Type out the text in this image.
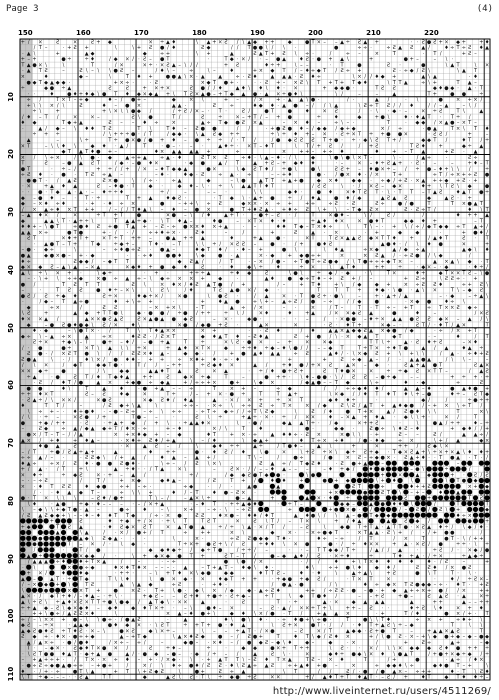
Page 3	(4)
+ / ×	Ƨ	×	Ƨ + ◆	× ÷ ▲ ♦	\ ▲ + × Ƨ / \ ▲ ◆ + +	◆	● T × – – ▲ ÷ Ƨ ▲ +	· · Ƨ ● Ƨ + × ◆ +	+ ♦
/ T –	· + Ƨ +	\	\ + Ƨ ● / ♦	Ƨ ◆	/ / T ● ● \ / \ ·	●	÷ ÷ ·	÷ Ƨ ▲ Ƨ ▲ /	♦ ÷ T ÷ Ƨ ♦ ▲
· ▲ \	+	▲ ◆	◆	÷ +	\ +	▲	Ƨ ▲ T + Ƨ \ ÷ ·	/	÷ –	×	T	· T /	+ Ƨ –
+ – +	● ÷	÷ ♦	/ ◆ × / · Ƨ – ● T	·	T ◆ · × / · – ● ▲	♦ Ƨ · ● + ▲ \	+	● + –	– \ ·
T ▲ ● × \	\	T	/ ×	× ÷ · × Ƨ ▲ – \ / /	+ Ƨ	♦ ÷ +	\ – –	· T	●	Ƨ ·	●	\ ▲ T	\ ×
· ▲ T Ƨ	–	Ƨ \ – \ \ ● Ƨ –	/ ♦ \ –	÷	\ –	♦	+ × ◆ T / – ♦ ÷ ◆ T / Ƨ ÷ +	Ƨ · ÷ ◆ / Ƨ \	\ ▲ T
×	♦	◆ –	\	T ♦ +	● ● ▲ \ × · ▲	▲	÷ · Ƨ ♦	▲ ▲ ▲ · Ƨ ♦ ÷	\ × / / ♦ ◆ +	▲ \ ▲	· ♦
● ◆ T ◆ ▲ ◆ ◆ ·	+ × ÷ ·	· Ƨ	× ◆ T ● + ·	· · Ƨ + – × Ƨ \ T + T + T ◆ ♦	\ T T ▲	÷ \ +	T ▲ –
÷	◆ ● ÷ ▲	Ƨ	Ƨ	+ × + ×	Ƨ ● / / ♦	▲ ♦ \ ♦ \ ♦ · ×	+ ◆ ◆ ● ·	T Ƨ Ƨ	◆ ♦ ● ◆ · ▲ · T
· ·	♦	● ♦ + ♦ ◆ \ ● T ♦ ◆ × ◆ ▲ + \ T Ƨ × ▲ ● – + T ◆ ▲ ● · ▲ × ÷ ● ♦ \	\ /	–	–	▲	T +	● ●	÷
÷ /	T × T – + ◆	♦ – / ● + –	◆	× \	+ –	/ ×	+ · ▲ ▲ \ ● ·	/ ·	▲ /	· \	●	× + × /
+ \ \ × / \	Ƨ	♦ – ● ×	▲ ▲ ·	Ƨ	÷	♦ ◆ ♦ · ▲ ● – / / \ ▲	\ Ƨ ÷ T Ƨ / / ♦	/ / – ▲	– \ /
÷ \	+	+ \ × \ \ ● ◆ /	/ ÷ Ƨ / × – · T ·	Ƨ /	● T	●	♦	× Ƨ	/ · \ · ◆ · –	× ÷ Ƨ	T \	▲
/ ♦ – T /	×	× –	Ƨ \ ●	T /	Ƨ	÷	× – + T / – + ●	÷	♦	◆	+ ● \	♦ · ♦ ▲ T · T ÷ /
♦ ◆	T ◆ + ▲	Ƨ – – ♦ ÷	×	▲ ÷ T ◆ ● Ƨ × ▲	– × ♦ –	÷ \ – ·	T	· ◆ ◆ / × ▲ ● – × T –
·	▲ / ◆ – \ ♦ ♦ T Ƨ	T \	T ♦ – Ƨ ● ●	/ /	· + ● Ƨ ● ♦ – / ◆ ◆ / ◆ + ◆	× / ÷	· ● ▲	T × \ T ♦
÷ + ÷	/ \ + ÷ ÷ ● · / T	/ ◆ ◆ · \ ▲ Ƨ ◆ + ÷	÷ \ ÷ ♦ + – × · Ƨ ÷ × T ÷ + ● ● ×	· Ƨ Ƨ /	+	–
▲	–	\ ÷	T ÷ ● × ● / ● + ♦ – ● ÷ ÷ / · T /	/ ● ◆ Ƨ Ƨ Ƨ T + ● · ÷ · ◆ \ Ƨ T + /	◆ ◆ T /	♦ T / ÷
× T	– \ \ ♦ \	◆ ♦ · ▲ /	T	· ● – · – ·	▲ ♦ ÷ · × T – ♦ T	\ T / + Ƨ /	/ + Ƨ	T Ƨ ♦	+	◆ ÷ ▲
◆ T ▲ T ♦ ● + –	♦ × ▲ ▲ ▲ ▲ +	÷	×	+ + – + ÷ ♦	♦	+ – T ▲	+ Ƨ · ▲
× / \ ÷ ×	/ \ ● · ◆	▲ ÷ + ▲	÷ ▲ · ♦	Ƨ T × Ƨ	÷ ♦ · \ ▲ – ♦ · / \	◆	\ ● \ ● \ × T ·	\ ·	/ ▲ ÷	·	Ƨ ÷
T	Ƨ	– ● ▲ Ƨ T	/ ◆ · – ● ♦ ×	· ◆ ●	▲ / T	▲ + Ƨ – + ◆ ♦ ♦	· –	× – ♦ ÷ Ƨ ▲ + · Ƨ · –	–	+ ♦ – T
● T	· ÷ – /	+ ÷ / / + / × – ♦ T ◆ ◆ ▲	● ×	\ ◆ Ƨ T ♦ / ÷ ● \	● \	Ƨ Ƨ + – ♦ ● × ÷ – / ÷ ● – ♦ + \ \ /	÷
÷ Ƨ ♦ · ● · T Ƨ ÷ ▲ –	– ♦ ·	♦ ◆ · Ƨ	÷ ▲ · ÷	– – + ♦	● · / ● × ♦ · / ×	T +	÷ T / ÷ × + ÷ Ƨ ●
● ● T · / ▲ Ƨ	Ƨ × ●	\ / ÷ ·	÷ ▲	◆	– \ ●	▲ T T + ▲ + ●	◆ × ♦	◆ ◆ · ÷ ◆ / + Ƨ · × ▲ + + ◆ + Ƨ · +
· ×	+ ▲ ♦ ▲	Ƨ – ♦ ● · T	◆ ·	◆ ♦ – \ · ÷ \ ▲ ▲ T T ♦ T	/ Ƨ Ƨ	\ · / × Ƨ – ◆ ×	♦ + \ T Ƨ \ ◆	●
· · ● · T ◆ ▲ · ▲ · – ♦ ÷ ÷ ♦	÷ /	–	– – ·	\ \	◆ ♦ ·	● ♦	× ♦ T Ƨ T · \ · T T – T ▲ Ƨ	♦ ▲ T ● ÷
◆ – ● ♦ – · T · ÷	T + ▲	♦ ◆ Ƨ ·	· T ◆ \ · ▲ + ●	÷ / ♦ ▲	● ♦ / ◆	▲ Ƨ ▲ Ƨ	◆	▲ Ƨ · +
◆ – × ♦ ÷ ♦	· + · ♦ ÷ ×	●	– + + \ ÷ Ƨ	◆ × × · × ÷ +	+ ÷	÷ Ƨ · Ƨ	Ƨ ÷	● / ●	T	T × ● ▲ T
/ × ▲ ÷ ♦ × T + +	/ – / / T ♦ ▲ \ – ♦ – ● ×	● T + ♦ Ƨ ▲ · + ♦ ÷ Ƨ \ + \ – T ◆ Ƨ ×	Ƨ · Ƨ ÷ T /	♦ \ T
– ▲ ♦ × /	×	÷ T + T	●	× ● – \ / ♦	▲ + T · · ● + – Ƨ · /	T	× ● ♦ –	\ /	Ƨ /	/	♦ + + ▲
◆	▲ ▲ \ T · ▲ + ÷ \	T ▲ ▲ ÷ ◆ · \ T ♦ ▲ –	♦ ●	– × T × ♦ · ♦	÷ ▲ ♦ ♦ ×	× ● ♦ T	◆ ◆ ♦ +	– T
♦ ♦ + – \ ● T	÷ ● ♦ Ƨ + ● T ▲ + – Ƨ – ÷ ● × × ♦ × + ▲	· –	♦ ♦ T ◆ – T × ♦ ÷	\	T \ – · + \ / ÷ / ◆ T ◆ ◆ ÷ T ▲ + /
▲ ▲ × ÷	● T ●	+ · / · /	÷ + ♦ + × ·	Ƨ ♦	–	/	+	Ƨ	▲ · ×	· +	◆	◆	·	+ ● ♦ /
Ƨ T	× ♦ + T +	× T ÷ T + + –	● ▲ + ÷ ▲	♦	+ ▲	● ·	× T	T Ƨ × ▲ ▲ Ƨ ◆ × T T ♦	+	/ ▲ ♦ T	Ƨ · T
· ▲ ● T – T +	T ◆	÷ ◆ + –	T ♦ · – T	\ \ ÷ / × Ƨ Ƨ –	● · / +	● ♦ Ƨ	▲ ● ♦ · / \ ♦ ●	×	+
– ● · ◆ ÷	\	– ÷ ♦ ● ÷ Ƨ · ● ▲ –	♦ ◆ T ♦ / · ♦ – +	● \	\ ♦ ▲	÷ × ◆	▲ / ◆ ÷ ▲	▲ ◆ \ ♦
● ▲	◆ ● × ● – + · ◆	· · ÷ ♦	● ● ♦	\ ◆	● · ▲	× · ◆	+ ◆ ● ÷ +	×	× Ƨ ▲ / · ÷ Ƨ ● / \ ◆	/
♦ ÷	Ƨ ◆ ◆ / – ◆ T T	◆ Ƨ ▲ /	/ T	· – × / ● – ÷ T ● T ÷ Ƨ ● ◆ / \ T ● + ÷ + ◆ T × –	▲ × ▲ \ ◆ · T
◆ × ◆ Ƨ – ▲ \ ▲ – × ▲	× ◆ ♦ + ● ◆ ♦	Ƨ	· ♦	◆ \ ÷	♦	÷ ×	\ ▲ T ♦	+ +	÷	· ◆ × – · ◆	· ♦ ÷ /
▲ \ ÷ \ × + ·	\ ◆ ÷	· + ·	+ ÷ ÷ ▲	÷ ♦ ◆	Ƨ	\ ● \	÷ ◆ / · ◆	· \	T ×	♦ +	◆ T × × T Ƨ – \ ●
– · \ + \ ÷ + ◆	× ● ÷ ▲ ÷ – \ ◆ ÷ × × +	◆	·	▲ ♦	● ◆ ÷ T ♦ – + Ƨ + / –	+ Ƨ ÷	\ Ƨ Ƨ ÷ · +
● /	T Ƨ T T	Ƨ \	× ♦ × / ♦ Ƨ ▲ T ● / +	/ –	+ T ♦	+ \ / ◆	◆ +	× ÷ Ƨ Ƨ ♦	÷ + Ƨ \
–	·	T Ƨ Ƨ	● ♦ ÷ – × \	\ Ƨ \	/ ♦	T Ƨ ▲ ● × / ◆ ·	T	T T +	♦ ◆ · \ ● · ▲ \ ×	T \ – ◆ Ƨ
● Ƨ / Ƨ ÷ ◆ ♦	Ƨ ÷ ×	♦ ◆ + × /	× ●	\ ● Ƨ ·	/ ▲	× · T ● Ƨ ÷ · ● \	–	+ · ▲ + / ▲	– · ◆	– ÷ ▲ \
·	/ ◆ – T ▲ ÷ ●	♦ + \ ÷ +	·	+	♦ ▲ ●	÷ \ + – ▲ ÷ Ƨ / ● – ÷	/ / ◆	●	· × ◆ ●	♦ ÷ \
◆	÷ ×	/	Ƨ Ƨ	– × + × \	– T	▲ ÷ / ×	– ·	×	/ T –	T · T ÷ – + T	÷ T × × Ƨ ◆ ÷
\ Ƨ	+	▲ ◆ + T T ● \	◆ · ● ● / ÷ ● / + ÷	÷ \ /	× ♦	♦	+ ▲	/ × × ◆ Ƨ ▲	●	♦	–	/ × Ƨ
♦ × × ▲ /	▲ × × ● Ƨ ▲ Ƨ	Ƨ × ▲ ● ▲ ● ◆ Ƨ	– × ·	◆ ● ·	· · –	/ · × ● ● – ♦ ÷ × ▲ ▲ ● Ƨ Ƨ ◆ × – ▲ / \
◆	– ● Ƨ ● ♦ ● ◆ \ Ƨ / ×	♦ \	× ● / ◆ ● + Ƨ ·	▲ ×	×	· Ƨ · ♦ T +	× ◆ – ·	Ƨ T / · ♦ T / ▲ ×	T
♦ · ◆	– \ ● T × · /	T \ T ♦ ▲ × ×	× +	· · Ƨ ♦	/ ♦	▲ ▲ × ▲ ◆ ◆ Ƨ ▲ × ◆ ● / ◆	· ÷ / × + T
◆ ÷ \ – ▲ ÷ ×	▲	÷ ×	♦ Ƨ Ƨ · / Ƨ × T	◆ ♦ ▲ T ♦ – Ƨ ♦ ▲	Ƨ + ● / \ · × ◆ ▲ T	◆ T	· –	♦	/ T
Ƨ ÷ ×	+ ◆ \ – T	● + – ♦ / – ● + ▲	T	÷	× \ Ƨ · ● ×	– +	×	× ◆	T T \ ÷	▲ · Ƨ ♦ + Ƨ	– × ♦
/ · ●	● ÷	× T \ ▲ \ \ ÷ ×	+ ▲ ♦ × T ×	◆	÷ ÷ ♦ ÷ ◆ – ♦ \ ● / / – – ◆ T	T ÷ T × ÷ ♦ T ●	▲ / ▲	♦ ▲ ÷
Ƨ ● · / × Ƨ T ● \ / / Ƨ Ƨ × ♦ ▲ –	◆ ◆ · /	+ ● ▲ ♦ ▲ ▲	÷ Ƨ	▲ ♦ / · \ × ◆ Ƨ + \ + \ \	/ ▲ · ÷ ♦ + Ƨ
Ƨ ● ▲	\ · /	♦ \ × / ● ♦ ♦ · + +	÷ × ♦ + ♦ · ÷ · ♦	+	+	Ƨ ÷ ◆ ▲ – / · ▲ ▲ ● ▲	/ \ \ –	–
/ \ ×	/ ◆ T	◆ ◆ T ● ·	T / / – ÷ +	÷ Ƨ ◆ ♦ ×	▲ /	+ ♦ ● / + × Ƨ	▲ × – ◆ ·	Ƨ ▲ + ▲ ● T	Ƨ ▲ ×
× × ◆ ÷	●	/ \	◆ ◆	▲ ▲ ♦ T ▲	Ƨ	× ▲	· ÷ / ♦ ● + Ƨ +	Ƨ T ♦ ● ×	×	÷ ÷ ◆ Ƨ × T T –	/ ▲ Ƨ
÷ ▲	· ●	Ƨ T / ♦ T ◆ ♦ ▲	+ +	Ƨ	◆ × ÷ ◆	T	–	● + + · \ ♦ – ● ● · \ / Ƨ Ƨ – ● ÷ ◆	– –	+ ÷ + · ÷
· Ƨ / ♦ T / ●	▲ ×	+ ◆ ● ÷ ◆ ▲	+ / ÷ ÷ + ×	● +	\ ◆ ×	/ ◆ ▲ ● – – T ◆	\ ÷	♦ · ◆	÷	Ƨ
● ●	♦ \	T	▲	♦	· ● + ▲ – – ÷	T	× + –	÷ ◆	/ / ÷ ÷ ◆ ♦ ♦ /	▲ ▲ – ♦ · ● ▲ ♦ ● +
÷ + ♦ × T	Ƨ – Ƨ	♦ ◆	×	T ÷	/ – + × · ● ÷	T	T ▲ +	\ × ◆ / / ♦ T ♦ T ♦ \ + – ●	♦ ÷ – Ƨ T ◆
· Ƨ ▲ ÷ / \ × × /	× ● Ƨ	× ◆ Ƨ ♦ / ♦ ▲	▲ · × / × +	÷ × T	◆ ♦ ♦ ÷	·	◆ /	/	÷ ● ÷ +
♦	T T /	–	/ Ƨ ◆ + \ ▲	\	÷ ÷ – · × ÷ \ ÷ ÷ Ƨ ÷ T ×	× / ◆	Ƨ \ Ƨ / ▲ T + ▲ ♦ ◆ ● / – + × \ ÷ T /
\ ÷ + – · ♦ + ● ♦ · – ● – Ƨ ÷ – ÷ \ ÷ ÷	· ÷ T ÷ ◆ ÷ / / ÷ T \ Ƨ ◆	\	Ƨ / ♦	● T + ×	▲ / Ƨ ● ♦ \ \	T	× \
/ \ · ÷ –	× Ƨ ● / +	T ● – –	·	Ƨ \ ÷	+ ▲ ÷ · × · ÷ / × ×	♦ – × ▲ + ♦ ▲ · ◆ \ \ + ·	× /	T
●	+ ◆ / + +	· Ƨ	· + ▲ + ◆ / + \ · ÷ ▲ ▲ ♦ ×	\ · ● /	◆ ▲ ▲ T ÷ · / ◆	× + + Ƨ	·	\	● ▲ / ÷ +	♦ – ÷
–	Ƨ ◆	÷ ▲ / ◆ ▲ ◆ + T / ♦ × · ÷	+ – ♦	× / \	T	♦	● ·	◆ ◆ ·	Ƨ ● ÷ \ ♦ Ƨ – ♦	+ ◆ ♦ / / +
● × / T – T – / / ▲	× + × ♦ ◆ + – ◆	♦ T	+ × · ÷	▲ ♦ ♦ ÷ · Ƨ ×	× ● \ \ · +	Ƨ – –	Ƨ /	▲ ▲ ÷ /
▲ × / + ♦	+ ♦ ▲ –	· × ♦ + Ƨ ♦ / + ▲	\ – / ♦	\ ◆ ▲ +	♦ T ÷ × + ♦	/ ● · ♦ ◆	÷ ×	\ + / ▲	◆ ×
♦ ● ▲	Ƨ	· ×	▲ Ƨ – /	\	◆ ♦ ÷ ÷	▲ ÷	/ T ● ♦ –	▲ \	+	×	+ + / Ƨ ◆ \ ×
– / T	÷ ● / Ƨ ▲ ÷ ▲ +	▲	♦	+ ÷	● · ♦ Ƨ / ♦	\ ●	×	\ + Ƨ ÷ × \ ◆ ÷ Ƨ + ◆ · T ◆ × Ƨ ▲ + \ ÷ × + × ▲ \ ♦ ♦ +
÷ ÷ ▲ / – ·	· Ƨ Ƨ ◆ \ / + ▲ /	♦ ▲ – ▲ + /	T \ –	/	● ÷	/ ●	× Ƨ – ÷ ◆ ● × · Ƨ ▲ + ♦ · · T ● ▲ · T · /
♦ ▲ ÷	÷ × / Ƨ ♦ · ● ● Ƨ ● ♦ ·	\ ÷ – / Ƨ \ × \ ·	Ƨ ▲ ÷ / T ◆ Ƨ ♦	· Ƨ ● + ▲	–	–
+ / ▲ · / T	÷ \	▲ ÷ ♦ · · / T ▲	× \	–	Ƨ × · / / – – ♦ ▲ – – –	– ♦ + ◆ /	♦ ●	– ● \	÷	/
× ♦ ÷	÷ ◆ Ƨ	× · + – ▲ /	÷ /	/ ◆ ◆ Ƨ ● T ◆ ● ·	\ ●	+	×	▲ ◆	+ · Ƨ / Ƨ
– · – ÷ Ƨ	/	T /	+ × ◆	◆ ♦ ▲ –	/ Ƨ	T + /	♦ ♦	+	● + ◆	\ + ♦	\	\ T ● ◆
× · ♦ T Ƨ Ƨ	♦ ◆ ●	÷ + – ÷ ·	÷ ◆	· / ·	▲ ●	▲	Ƨ T	÷	♦ + + Ƨ	× + ◆
/ · · ♦ ▲ ◆ T –	÷ \ \ +	♦ / – T	♦ ● – Ƨ × ·	+ ×	●	Ƨ T \ – + –	♦	▲
● · T × \ \ \	– Ƨ ♦ / ● +	T \ – /	– ▲ × \ ÷	● – ▲	+	▲ × · ♦	÷	Ƨ	+	T Ƨ
\ ♦	· ▲ ●	÷ ◆ · ♦ – – – · – / × + ▲	· – ♦ T · + ÷ ▲ ◆ ♦	· ÷ T –	◆ ◆ –	▲ ● ♦ ♦ \	/	T	T
\ – ◆ \ \ + ◆ T ● · ▲ –	● ÷	♦	– \	× +	– ÷ · \ – ÷ Ƨ	÷	+ ● × ● · /	/ – Ƨ / Ƨ \ +	◆
/ Ƨ ▲ Ƨ ◆ ◆ + \ – – ♦ – ♦ ♦ T T ◆	/ ÷ · × ●	Ƨ Ƨ	♦ × ● – ♦ ♦ / ♦ T	▲ ♦ ● \ / \ ▲ – ● T ◆ ◆	♦ ÷ ×
+	Ƨ	♦ + ◆ + / × · + \ T	T Ƨ T	×	Ƨ \ T / – T × \	+ / ♦ ▲	▲	Ƨ ◆ /	●	+
+ ◆	T Ƨ ▲	· ♦ Ƨ ◆ × Ƨ T	× ▲ T ● ▲	÷ / ÷ \ ▲ · × / T /	– Ƨ	\	◆ ● T ÷ T ▲ · ▲ T T ● · × Ƨ ▲ ♦ ÷ / \ ◆ / ♦ ·
▲	\ ▲	/ · × / ● + / T	÷	+ +	× \	◆	× · – × ÷ ● ◆ T · × T ▲ ▲ · Ƨ \ + / · / + ● ●	/
●	▲ ◆ \ Ƨ ◆ ▲ · · ·	\	× ·	÷ Ƨ Ƨ ● ◆ ◆ T ♦ ·	♦ ÷ – ÷	/ T	/ ×	T	● T · \ / + +
●	T – × / · \ ◆ ·	T ÷ × + ● Ƨ + \ / Ƨ	÷ ♦ ♦ \ × ●	● · / ÷ ♦ × ×	+ ▲ · × Ƨ / ●	÷ ÷ · \ ÷
/	·	T / ●	◆ ◆ ♦ ◆ ÷ / ◆ ÷ T ●	/ ÷ ÷ / –	· · – T T ◆ ◆ / T ÷	/ ▲ / / ▲	·	÷ Ƨ / · × ◆ / ●
▲ ÷	× ◆ ◆ / ·	\ + ◆ × ◆ ● T +	Ƨ T – T /	● – ◆ ▲ ♦ / Ƨ · × ÷ ♦	÷	T ♦ + ▲ · / ÷ ×	÷ ▲ ◆ ÷
/ ▲ ▲ ▲ ÷ ♦	♦ + T × ▲	/	–	· – ÷	● \ ● / ×	· / /	♦	+ \ T × ♦ ♦ ♦ ♦	♦ · / Ƨ	–	+
· \	× ● ÷ ◆	♦ × ♦ T ♦ × – – – · ▲	– T + ▲ T – ♦ ◆ \ ♦ ·	♦ \	÷ + ● \ ♦	◆ ♦ /	Ƨ Ƨ ♦ / × ● Ƨ
+ × /	♦	♦ ◆	· + ÷ ·	– \ + T ♦ × \ ◆ ●	◆ ◆	♦ T T Ƨ –	♦ · ♦	\	▲ ÷ ▲ \	+ Ƨ	● \ T	T · \ ·
▲ –	▲ T · ÷ T ◆	T \ \ ♦	\ ● × ◆ · ×	♦ ◆ T + +	· + ◆ ● + ◆ Ƨ /	· T × T	×	·	♦ / ÷ Ƨ × –
/ – × ◆ + \	T Ƨ	▲ \ ▲ ◆	÷ Ƨ	· + ♦ ·	/ ● ▲ · ●	/ \	♦ ÷ ◆ × T Ƨ ● ◆ ◆ – ÷ · ♦ T · + Ƨ
\	●	× × T +	●	× Ƨ · T + \ ● · ◆ \ × / ◆	◆ · ▲ ÷ Ƨ ♦	+ + / ÷ Ƨ Ƨ · ● – ● · + ◆ ▲ + ÷ × + ● / / ×	+ +
▲ × · / ◆ T + ♦ / – ♦ ▲ – · + \ ·	+ ◆ Ƨ – – Ƨ + ♦ + ● ÷ · Ƨ ÷ ◆ –	÷ T	\ ◆ T ● ♦ /	– – + Ƨ	+ ● –	Ƨ ▲ Ƨ · ▲	× ÷
▲ \ ÷ Ƨ \ ÷ ▲ ♦ × Ƨ × T T ÷ ● \ ● ◆ / ▲ T ◆ \ · × ×	▲	·	Ƨ	T · ÷	▲ · ×	◆ ▲ ▲ ▲	▲	+ +	▲ – – ÷ +
÷ + ▲ ◆ – Ƨ \ ◆ × ◆ ♦ – ◆ ♦	◆ ♦ T × + · – \	● ♦ – ×	– Ƨ · ▲ / × × ÷ T + \	+ + – Ƨ · ·	♦ ÷ Ƨ \ ♦	× + ♦
· + + \ ● ÷ / ▲ Ƨ Ƨ × ♦	\	× ▲ – ♦ ● + \	◆ ♦ \ × / ● · T /	+ ▲ ▲ ×	· +	T / ♦ ·	● × / + · T
÷ / – \ × × + ● – \ \ ● ÷ · / ● ▲ Ƨ	·	▲	♦ \ ● \ ♦ · · ÷ ♦ ● + \ ÷ ● ·	T	● \ \ T ♦	÷ × +	÷ ♦ + \
◆ Ƨ – ÷ ×	· ▲ ▲ ◆	● ♦ ◆ × · \ Ƨ T	÷ + T + ● · ♦ ▲	\ Ƨ + ×	● T · / / · ♦ T + ▲ Ƨ \ ÷ – ◆	T	\ \
▲ ◆ Ƨ ● ♦ Ƨ ÷ T ♦ Ƨ · × – \	● × Ƨ	◆ \ × ÷ –	\ – – ÷ ▲ T · / × ●	– Ƨ	× / T	▲ ◆ ◆ · Ƨ + ● T	–	+ ▲ ▲ × ▲ Ƨ	T
Ƨ ◆ + · ♦ × · ● ÷ + ◆	▲ – + T ◆	\ ▲ × ♦ Ƨ ◆	● – / Ƨ ● +	T	♦ T \ ◆ / Ƨ ♦ ×	+ / \ ● Ƨ · × – + \ ◆ ● + ◆ – ◆ – ● ◆
▲ / ▲ × ÷ · ● / ● ♦	/ × ÷ – ÷ /	–	◆ ● – · × ♦ – / ● ◆ Ƨ – ◆ \ ♦	◆ –	◆	· ×	/	+	Ƨ ÷	▲ +	– ◆
T · – ◆ × · Ƨ ◆ ♦ T × ● × /	Ƨ	÷ ♦ –	÷	·	◆ ◆	● × + T ÷ +	\ Ƨ · · × / \ \ × ◆ ◆ ◆ Ƨ ♦ ● + + ÷
· \ Ƨ T ● ● ♦ ▲ T · ◆ + ▲ ●	▲ / · ● ◆ – ● – · ◆ / ÷ – /	▲	Ƨ \ ·	×	◆ ♦ ÷ ● ◆ \ × ♦ \ ● ▲ T	/ + ● + × ◆ ÷ ◆ / ÷
– + ▲ + ÷ + · / T × · × ÷ ♦ – + · / × ◆ · \ · + ▲ T T \ – Ƨ ♦ T × ▲	T Ƨ – × ♦	T	/ +	●	· ▲ ÷ / ♦ ×
· ● ÷ Ƨ ÷ ◆ ● ▲ ● ÷ ÷ – + ● +	/	× / \ ♦ ÷ ● ♦ / Ƨ Ƨ · ♦ \ Ƨ ▲ ÷ ▲ Ƨ	÷ + ▲ ♦ + ● –	×	÷ ◆ ◆ ♦ \ ÷	◆ ♦ ● T – +	\
♦ · / + · ÷	● T \ ▲	+ T \ + Ƨ ◆ Ƨ	\	● +	Ƨ ÷ ▲	\ T	/ /	Ƨ / · ● / ● ▲ × – ÷ + +	♦ · T \ Ƨ ♦
\ T ÷ ◆ – – – · · Ƨ ▲	T T	◆	▲ Ƨ \ Ƨ · T \ ÷ ◆ ● ÷ Ƨ	× ×	+ / ▲ ♦ T + T ♦ ▲ T · – Ƨ / +	♦ T	◆ T ♦ ♦ ÷ –
150	160	170	180	190	200	210	220
10
20
30
40
50
60
70
80
90
100
110
http://www.liveinternet.ru/users/4511269/
